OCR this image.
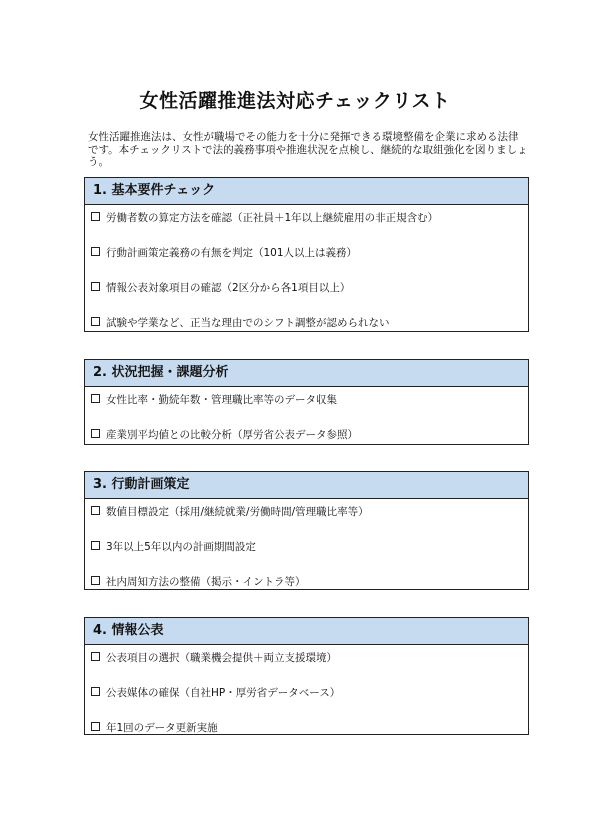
女性活躍推進法対応チェックリスト

女性活躍推進法は、女性が職場でその能力を十分に発揮できる環境整備を企業に求める法律です。本チェックリストで法的義務事項や推進状況を点検し、継続的な取組強化を図りましょう。

1. 基本要件チェック
労働者数の算定方法を確認（正社員＋1年以上継続雇用の非正規含む）
行動計画策定義務の有無を判定（101人以上は義務）
情報公表対象項目の確認（2区分から各1項目以上）
試験や学業など、正当な理由でのシフト調整が認められない
2. 状況把握・課題分析
女性比率・勤続年数・管理職比率等のデータ収集
産業別平均値との比較分析（厚労省公表データ参照）
3. 行動計画策定
数値目標設定（採用/継続就業/労働時間/管理職比率等）
3年以上5年以内の計画期間設定
社内周知方法の整備（掲示・イントラ等）
4. 情報公表
公表項目の選択（職業機会提供＋両立支援環境）
公表媒体の確保（自社HP・厚労省データベース）
年1回のデータ更新実施
